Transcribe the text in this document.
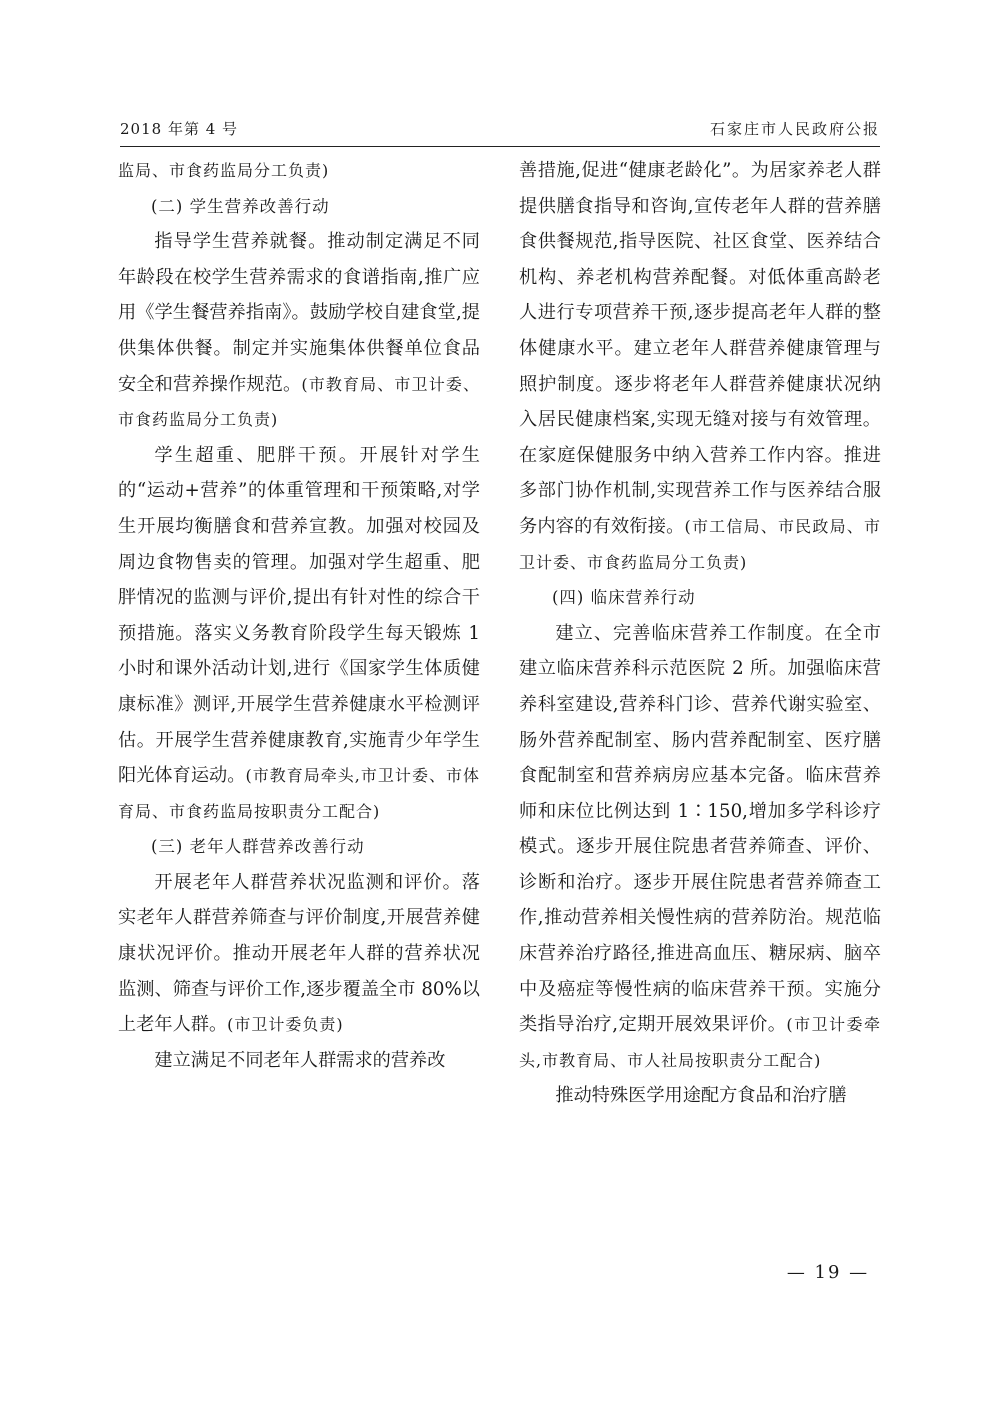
2018 年第 4 号	石家庄市人民政府公报

监局、市食药监局分工负责)

(二) 学生营养改善行动

指导学生营养就餐。推动制定满足不同年龄段在校学生营养需求的食谱指南,推广应用《学生餐营养指南》。鼓励学校自建食堂,提供集体供餐。制定并实施集体供餐单位食品安全和营养操作规范。(市教育局、市卫计委、市食药监局分工负责)

学生超重、肥胖干预。开展针对学生的“运动+营养”的体重管理和干预策略,对学生开展均衡膳食和营养宣教。加强对校园及周边食物售卖的管理。加强对学生超重、肥胖情况的监测与评价,提出有针对性的综合干预措施。落实义务教育阶段学生每天锻炼 1 小时和课外活动计划,进行《国家学生体质健康标准》测评,开展学生营养健康水平检测评估。开展学生营养健康教育,实施青少年学生阳光体育运动。(市教育局牵头,市卫计委、市体育局、市食药监局按职责分工配合)

(三) 老年人群营养改善行动

开展老年人群营养状况监测和评价。落实老年人群营养筛查与评价制度,开展营养健康状况评价。推动开展老年人群的营养状况监测、筛查与评价工作,逐步覆盖全市 80%以上老年人群。(市卫计委负责)

建立满足不同老年人群需求的营养改

善措施,促进“健康老龄化”。为居家养老人群提供膳食指导和咨询,宣传老年人群的营养膳食供餐规范,指导医院、社区食堂、医养结合机构、养老机构营养配餐。对低体重高龄老人进行专项营养干预,逐步提高老年人群的整体健康水平。建立老年人群营养健康管理与照护制度。逐步将老年人群营养健康状况纳入居民健康档案,实现无缝对接与有效管理。在家庭保健服务中纳入营养工作内容。推进多部门协作机制,实现营养工作与医养结合服务内容的有效衔接。(市工信局、市民政局、市卫计委、市食药监局分工负责)

(四) 临床营养行动

建立、完善临床营养工作制度。在全市建立临床营养科示范医院 2 所。加强临床营养科室建设,营养科门诊、营养代谢实验室、肠外营养配制室、肠内营养配制室、医疗膳食配制室和营养病房应基本完备。临床营养师和床位比例达到 1∶150,增加多学科诊疗模式。逐步开展住院患者营养筛查、评价、诊断和治疗。逐步开展住院患者营养筛查工作,推动营养相关慢性病的营养防治。规范临床营养治疗路径,推进高血压、糖尿病、脑卒中及癌症等慢性病的临床营养干预。实施分类指导治疗,定期开展效果评价。(市卫计委牵头,市教育局、市人社局按职责分工配合)

推动特殊医学用途配方食品和治疗膳

— 19 —
